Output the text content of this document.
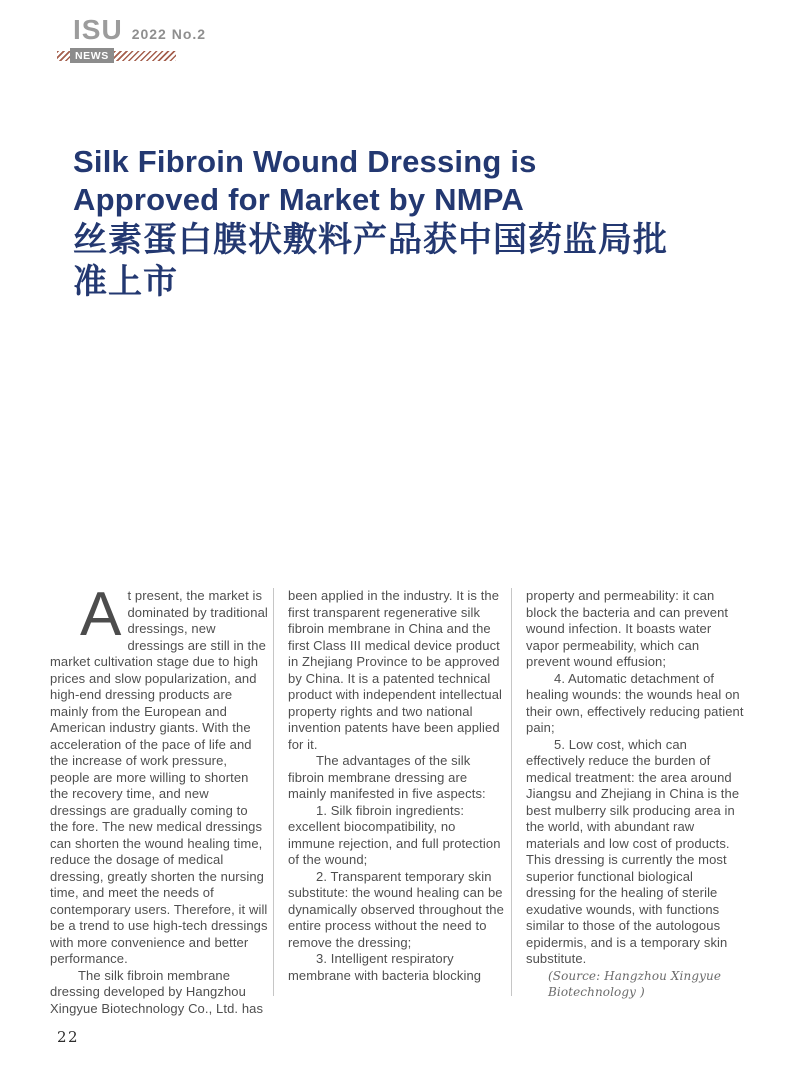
ISU 2022 No.2
NEWS
Silk Fibroin Wound Dressing is
Approved for Market by NMPA
丝素蛋白膜状敷料产品获中国药监局批
准上市

At present, the market is dominated by traditional dressings, new dressings are still in the market cultivation stage due to high prices and slow popularization, and high-end dressing products are mainly from the European and American industry giants. With the acceleration of the pace of life and the increase of work pressure, people are more willing to shorten the recovery time, and new dressings are gradually coming to the fore. The new medical dressings can shorten the wound healing time, reduce the dosage of medical dressing, greatly shorten the nursing time, and meet the needs of contemporary users. Therefore, it will be a trend to use high-tech dressings with more convenience and better performance.

The silk fibroin membrane dressing developed by Hangzhou Xingyue Biotechnology Co., Ltd. has

been applied in the industry. It is the first transparent regenerative silk fibroin membrane in China and the first Class III medical device product in Zhejiang Province to be approved by China. It is a patented technical product with independent intellectual property rights and two national invention patents have been applied for it.

The advantages of the silk fibroin membrane dressing are mainly manifested in five aspects:

1. Silk fibroin ingredients: excellent biocompatibility, no immune rejection, and full protection of the wound;

2. Transparent temporary skin substitute: the wound healing can be dynamically observed throughout the entire process without the need to remove the dressing;

3. Intelligent respiratory membrane with bacteria blocking

property and permeability: it can block the bacteria and can prevent wound infection. It boasts water vapor permeability, which can prevent wound effusion;

4. Automatic detachment of healing wounds: the wounds heal on their own, effectively reducing patient pain;

5. Low cost, which can effectively reduce the burden of medical treatment: the area around Jiangsu and Zhejiang in China is the best mulberry silk producing area in the world, with abundant raw materials and low cost of products. This dressing is currently the most superior functional biological dressing for the healing of sterile exudative wounds, with functions similar to those of the autologous epidermis, and is a temporary skin substitute.

(Source: Hangzhou Xingyue Biotechnology )

22
